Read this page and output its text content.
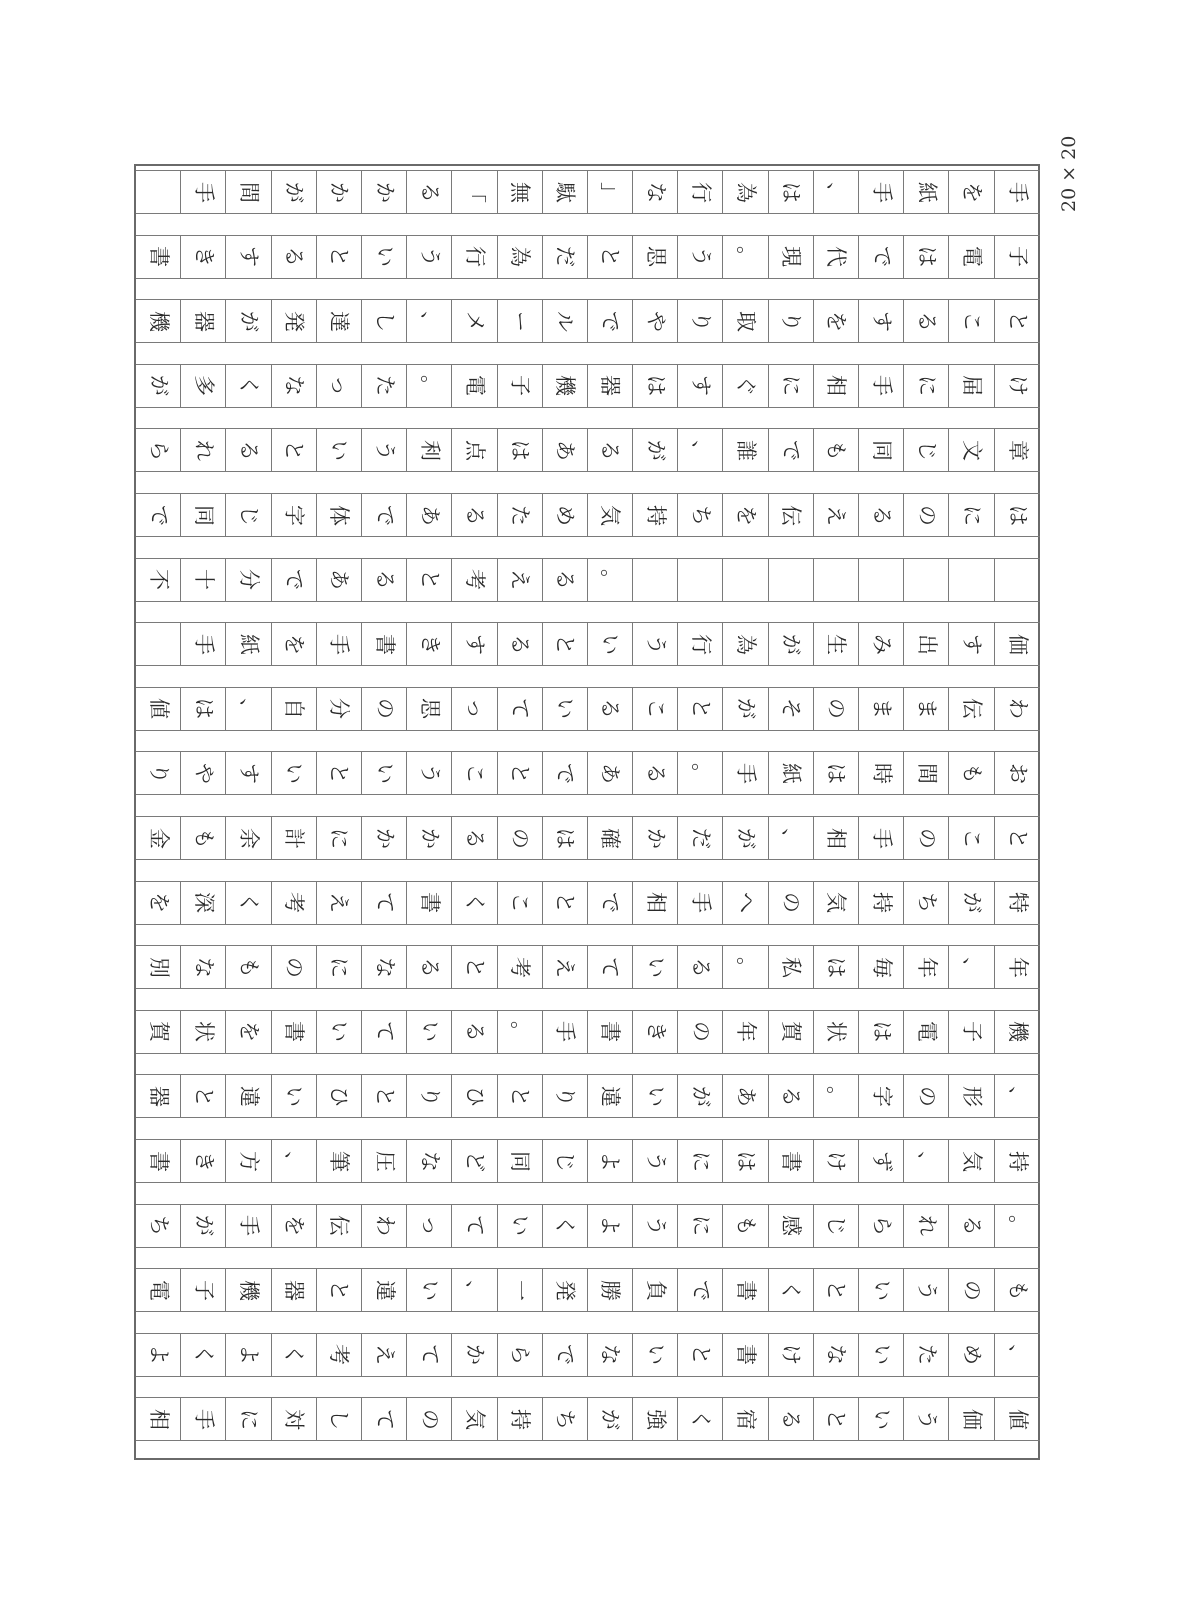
手 間 が か か る 「 無 駄 」 な 行 為 は 、 手 紙 を 手
書 き す る と い う 行 為 だ と 思 う 。 現 代 で は 電 子
機 器 が 発 達 し 、 メ ー ル で や り 取 り を す る こ と
が 多 く な っ た 。 電 子 機 器 は す ぐ に 相 手 に 届 け
ら れ る と い う 利 点 は あ る が 、 誰 で も 同 じ 文 章
で 同 じ 字 体 で あ る た め 気 持 ち を 伝 え る の に は
不 十 分 で あ る と 考 え る 。

手 紙 を 手 書 き す る と い う 行 為 が 生 み 出 す 価
値 は 、 自 分 の 思 っ て い る こ と が そ の ま ま 伝 わ
り や す い と い う こ と で あ る 。 手 紙 は 時 間 も お
金 も 余 計 に か か る の は 確 か だ が 、 相 手 の こ と
を 深 く 考 え て 書 く こ と で 相 手 へ の 気 持 ち が 特
別 な も の に な る と 考 え て い る 。 私 は 毎 年 、 年
賀 状 を 書 い て い る 。 手 書 き の 年 賀 状 は 電 子 機
器 と 違 い ひ と り ひ と り 違 い が あ る 。 字 の 形 、
書 き 方 、 筆 圧 な ど 同 じ よ う に は 書 け ず 、 気 持
ち が 手 を 伝 わ っ て い く よ う に も 感 じ ら れ る 。
電 子 機 器 と 違 い 、 一 発 勝 負 で 書 く と い う の も
よ く よ く 考 え て か ら で な い と 書 け な い た め 、
相 手 に 対 し て の 気 持 ち が 強 く 宿 る と い う 価 値
20 × 20
